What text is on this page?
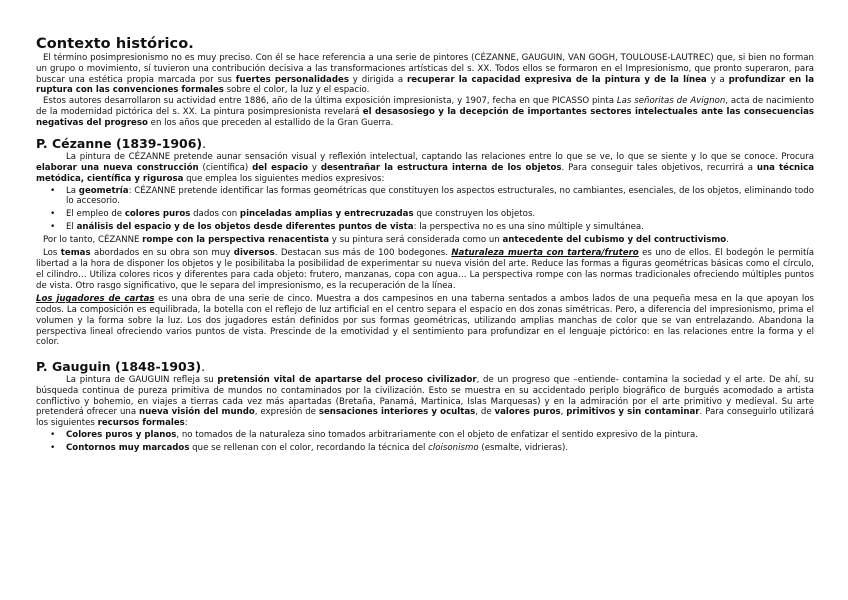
Contexto histórico.

El término posimpresionismo no es muy preciso. Con él se hace referencia a una serie de pintores (CÉZANNE, GAUGUIN, VAN GOGH, TOULOUSE-LAUTREC) que, si bien no forman un grupo o movimiento, sí tuvieron una contribución decisiva a las transformaciones artísticas del s. XX. Todos ellos se formaron en el Impresionismo, que pronto superaron, para buscar una estética propia marcada por sus fuertes personalidades y dirigida a recuperar la capacidad expresiva de la pintura y de la línea y a profundizar en la ruptura con las convenciones formales sobre el color, la luz y el espacio.

Estos autores desarrollaron su actividad entre 1886, año de la última exposición impresionista, y 1907, fecha en que PICASSO pinta Las señoritas de Avignon, acta de nacimiento de la modernidad pictórica del s. XX. La pintura posimpresionista revelará el desasosiego y la decepción de importantes sectores intelectuales ante las consecuencias negativas del progreso en los años que preceden al estallido de la Gran Guerra.

P. Cézanne (1839-1906).

La pintura de CÉZANNE pretende aunar sensación visual y reflexión intelectual, captando las relaciones entre lo que se ve, lo que se siente y lo que se conoce. Procura elaborar una nueva construcción (científica) del espacio y desentrañar la estructura interna de los objetos. Para conseguir tales objetivos, recurrirá a una técnica metódica, científica y rigurosa que emplea los siguientes medios expresivos:

• La geometría: CÉZANNE pretende identificar las formas geométricas que constituyen los aspectos estructurales, no cambiantes, esenciales, de los objetos, eliminando todo lo accesorio.
• El empleo de colores puros dados con pinceladas amplias y entrecruzadas que construyen los objetos.
• El análisis del espacio y de los objetos desde diferentes puntos de vista: la perspectiva no es una sino múltiple y simultánea.

Por lo tanto, CÉZANNE rompe con la perspectiva renacentista y su pintura será considerada como un antecedente del cubismo y del contructivismo.

Los temas abordados en su obra son muy diversos. Destacan sus más de 100 bodegones. Naturaleza muerta con tartera/frutero es uno de ellos. El bodegón le permitía libertad a la hora de disponer los objetos y le posibilitaba la posibilidad de experimentar su nueva visión del arte. Reduce las formas a figuras geométricas básicas como el círculo, el cilindro… Utiliza colores ricos y diferentes para cada objeto: frutero, manzanas, copa con agua… La perspectiva rompe con las normas tradicionales ofreciendo múltiples puntos de vista. Otro rasgo significativo, que le separa del impresionismo, es la recuperación de la línea.

Los jugadores de cartas es una obra de una serie de cinco. Muestra a dos campesinos en una taberna sentados a ambos lados de una pequeña mesa en la que apoyan los codos. La composición es equilibrada, la botella con el reflejo de luz artificial en el centro separa el espacio en dos zonas simétricas. Pero, a diferencia del impresionismo, prima el volumen y la forma sobre la luz. Los dos jugadores están definidos por sus formas geométricas, utilizando amplias manchas de color que se van entrelazando. Abandona la perspectiva lineal ofreciendo varios puntos de vista. Prescinde de la emotividad y el sentimiento para profundizar en el lenguaje pictórico: en las relaciones entre la forma y el color.

P. Gauguin (1848-1903).

La pintura de GAUGUIN refleja su pretensión vital de apartarse del proceso civilizador, de un progreso que –entiende- contamina la sociedad y el arte. De ahí, su búsqueda continua de pureza primitiva de mundos no contaminados por la civilización. Esto se muestra en su accidentado periplo biográfico de burgués acomodado a artista conflictivo y bohemio, en viajes a tierras cada vez más apartadas (Bretaña, Panamá, Martinica, Islas Marquesas) y en la admiración por el arte primitivo y medieval. Su arte pretenderá ofrecer una nueva visión del mundo, expresión de sensaciones interiores y ocultas, de valores puros, primitivos y sin contaminar. Para conseguirlo utilizará los siguientes recursos formales:

• Colores puros y planos, no tomados de la naturaleza sino tomados arbitrariamente con el objeto de enfatizar el sentido expresivo de la pintura.
• Contornos muy marcados que se rellenan con el color, recordando la técnica del cloisonismo (esmalte, vidrieras).
